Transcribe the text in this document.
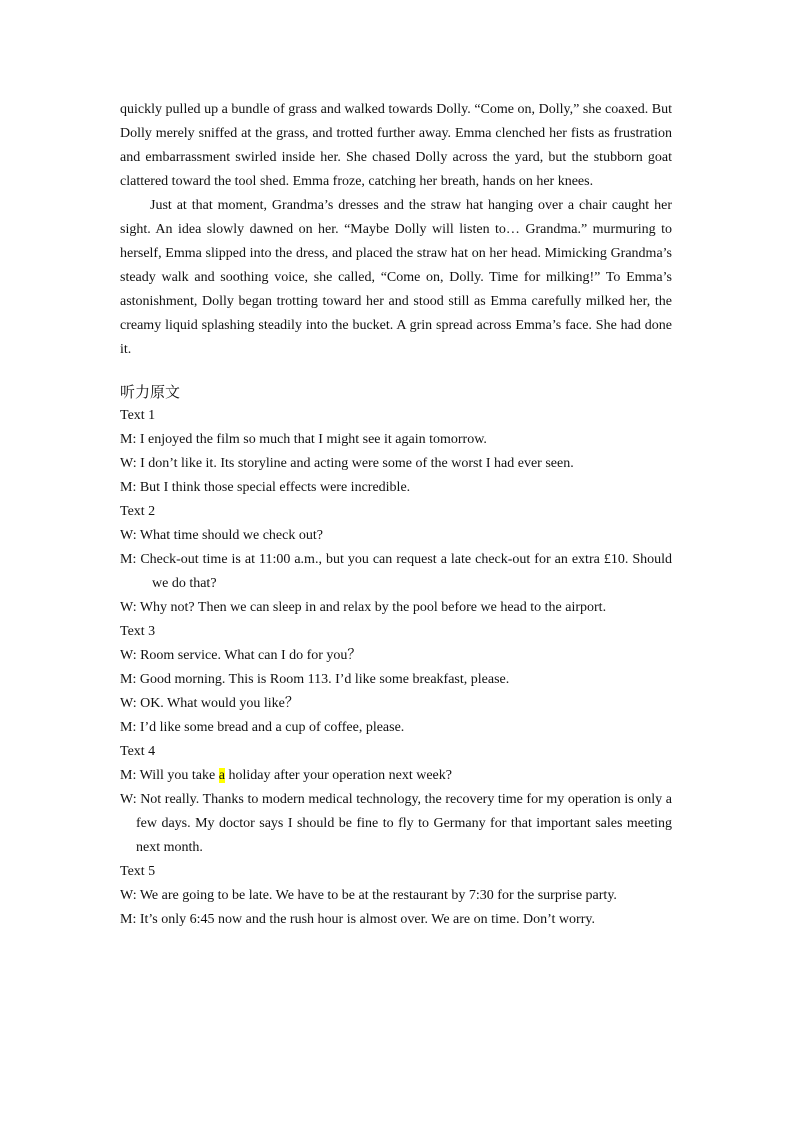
quickly pulled up a bundle of grass and walked towards Dolly. “Come on, Dolly,” she coaxed. But Dolly merely sniffed at the grass, and trotted further away. Emma clenched her fists as frustration and embarrassment swirled inside her. She chased Dolly across the yard, but the stubborn goat clattered toward the tool shed. Emma froze, catching her breath, hands on her knees.

Just at that moment, Grandma’s dresses and the straw hat hanging over a chair caught her sight. An idea slowly dawned on her. “Maybe Dolly will listen to… Grandma.” murmuring to herself, Emma slipped into the dress, and placed the straw hat on her head. Mimicking Grandma’s steady walk and soothing voice, she called, “Come on, Dolly. Time for milking!” To Emma’s astonishment, Dolly began trotting toward her and stood still as Emma carefully milked her, the creamy liquid splashing steadily into the bucket. A grin spread across Emma’s face. She had done it.

听力原文

Text 1

M: I enjoyed the film so much that I might see it again tomorrow.

W: I don’t like it. Its storyline and acting were some of the worst I had ever seen.

M: But I think those special effects were incredible.

Text 2

W: What time should we check out?

M: Check-out time is at 11:00 a.m., but you can request a late check-out for an extra £10. Should we do that?

W: Why not? Then we can sleep in and relax by the pool before we head to the airport.

Text 3

W: Room service. What can I do for you？

M: Good morning. This is Room 113. I’d like some breakfast, please.

W: OK. What would you like？

M: I’d like some bread and a cup of coffee, please.

Text 4

M: Will you take a holiday after your operation next week?

W: Not really. Thanks to modern medical technology, the recovery time for my operation is only a few days. My doctor says I should be fine to fly to Germany for that important sales meeting next month.

Text 5

W: We are going to be late. We have to be at the restaurant by 7:30 for the surprise party.

M: It’s only 6:45 now and the rush hour is almost over. We are on time. Don’t worry.
